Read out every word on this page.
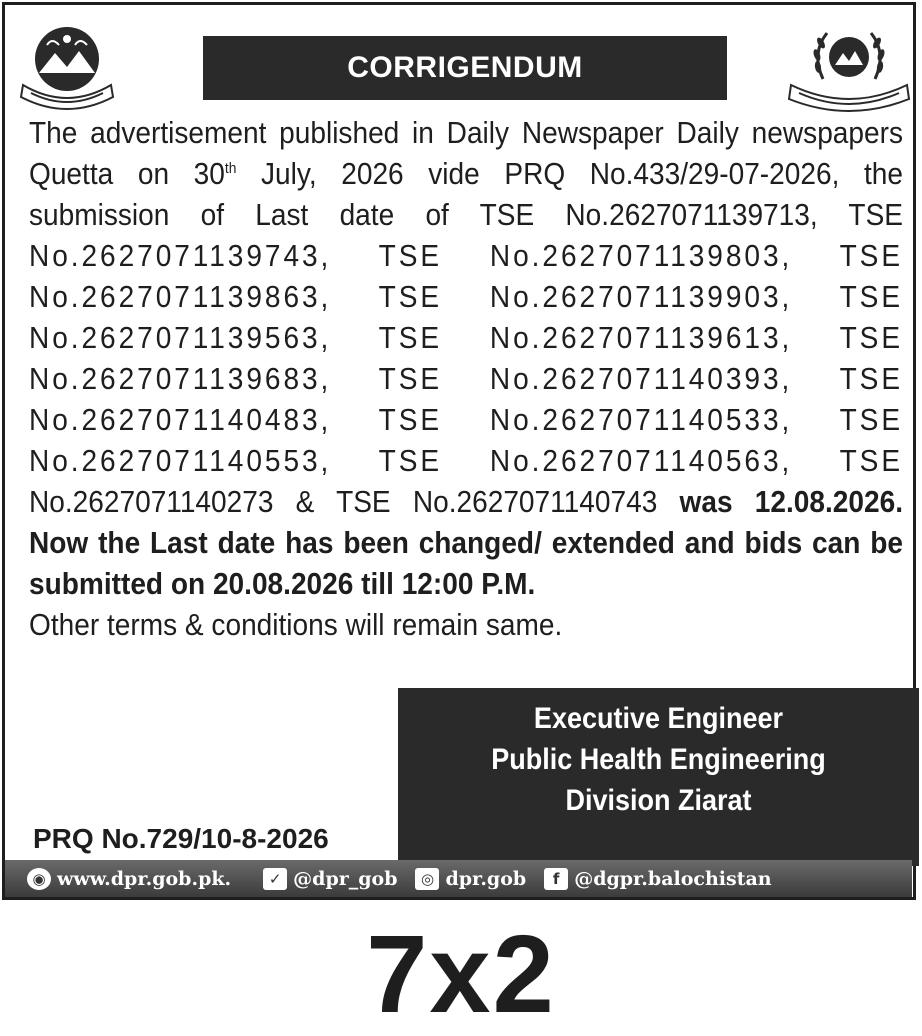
CORRIGENDUM
The advertisement published in Daily Newspaper Daily newspapers
Quetta on 30th July, 2026 vide PRQ No.433/29-07-2026, the
submission of Last date of TSE No.2627071139713, TSE
No.2627071139743, TSE No.2627071139803, TSE
No.2627071139863, TSE No.2627071139903, TSE
No.2627071139563, TSE No.2627071139613, TSE
No.2627071139683, TSE No.2627071140393, TSE
No.2627071140483, TSE No.2627071140533, TSE
No.2627071140553, TSE No.2627071140563, TSE
No.2627071140273 & TSE No.2627071140743 was 12.08.2026.
Now the Last date has been changed/ extended and bids can be
submitted on 20.08.2026 till 12:00 P.M.
Other terms & conditions will remain same.
Executive Engineer
Public Health Engineering
Division Ziarat
PRQ No.729/10-8-2026
◉ www.dpr.gob.pk.	✓ @dpr_gob	◎ dpr.gob	f @dgpr.balochistan
7x2
